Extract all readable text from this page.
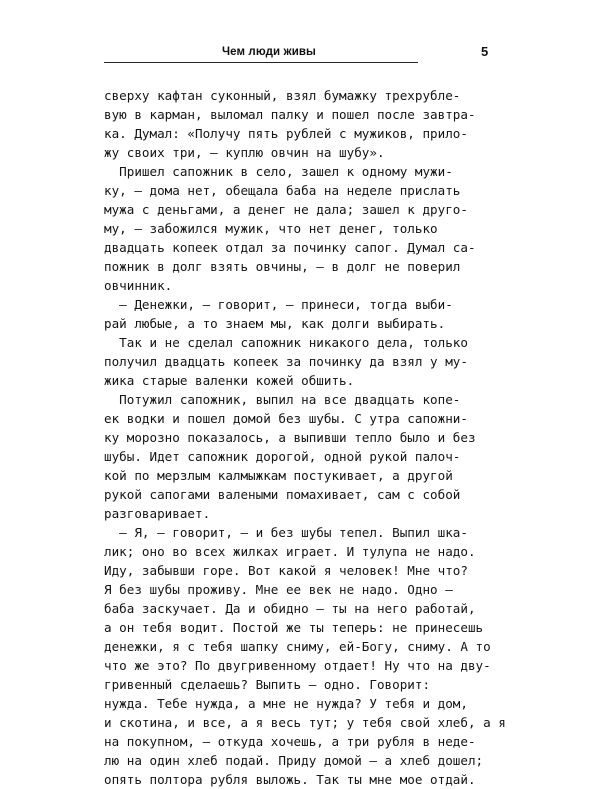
Чем люди живы	5
сверху кафтан суконный, взял бумажку трехрубле-
вую в карман, выломал палку и пошел после завтра-
ка. Думал: «Получу пять рублей с мужиков, прило-
жу своих три, — куплю овчин на шубу».
Пришел сапожник в село, зашел к одному мужи-
ку, — дома нет, обещала баба на неделе прислать
мужа с деньгами, а денег не дала; зашел к друго-
му, — забожился мужик, что нет денег, только
двадцать копеек отдал за починку сапог. Думал са-
пожник в долг взять овчины, — в долг не поверил
овчинник.
— Денежки, — говорит, — принеси, тогда выби-
рай любые, а то знаем мы, как долги выбирать.
Так и не сделал сапожник никакого дела, только
получил двадцать копеек за починку да взял у му-
жика старые валенки кожей обшить.
Потужил сапожник, выпил на все двадцать копе-
ек водки и пошел домой без шубы. С утра сапожни-
ку морозно показалось, а выпивши тепло было и без
шубы. Идет сапожник дорогой, одной рукой палоч-
кой по мерзлым калмыжкам постукивает, а другой
рукой сапогами валеными помахивает, сам с собой
разговаривает.
— Я, — говорит, — и без шубы тепел. Выпил шка-
лик; оно во всех жилках играет. И тулупа не надо.
Иду, забывши горе. Вот какой я человек! Мне что?
Я без шубы проживу. Мне ее век не надо. Одно —
баба заскучает. Да и обидно — ты на него работай,
а он тебя водит. Постой же ты теперь: не принесешь
денежки, я с тебя шапку сниму, ей-Богу, сниму. А то
что же это? По двугривенному отдает! Ну что на дву-
гривенный сделаешь? Выпить — одно. Говорит:
нужда. Тебе нужда, а мне не нужда? У тебя и дом,
и скотина, и все, а я весь тут; у тебя свой хлеб, а я
на покупном, — откуда хочешь, а три рубля в неде-
лю на один хлеб подай. Приду домой — а хлеб дошел;
опять полтора рубля выложь. Так ты мне мое отдай.
